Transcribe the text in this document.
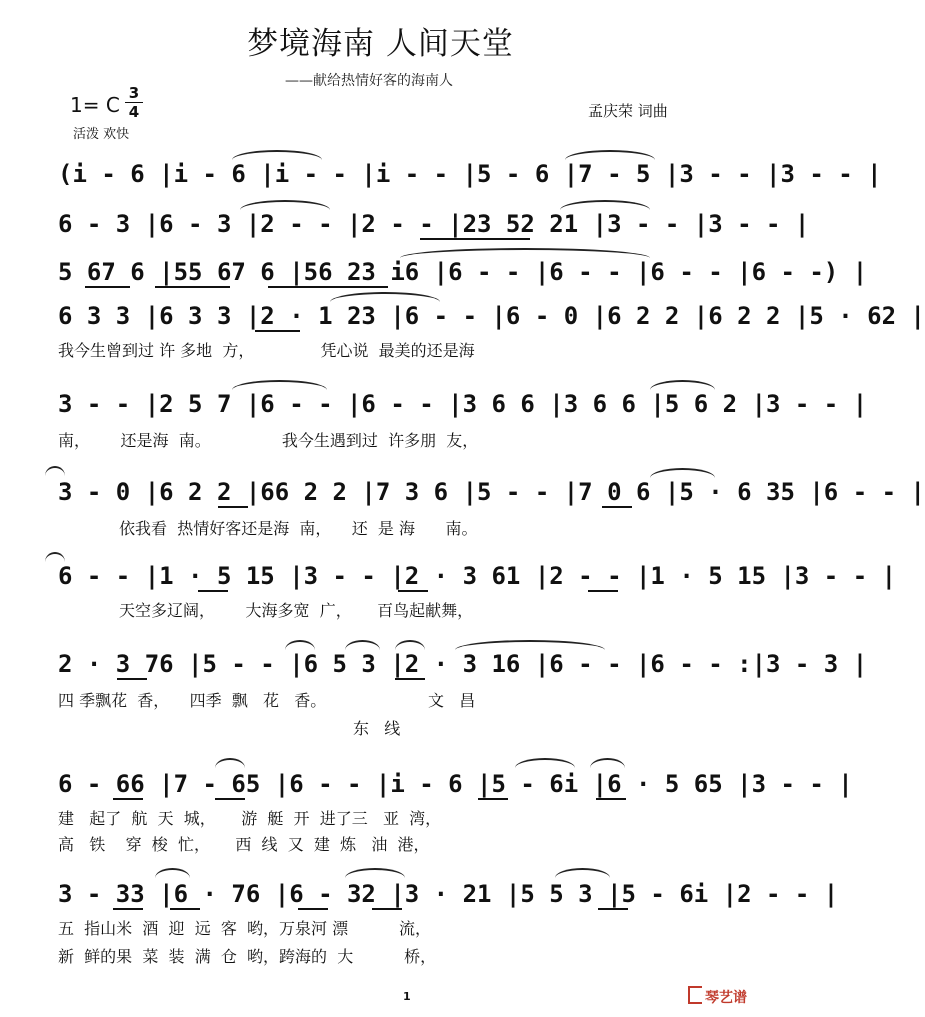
梦境海南 人间天堂
——献给热情好客的海南人
1= C 3
4
活泼 欢快
孟庆荣 词曲
(i - 6 |i - 6 |i - - |i - - |5 - 6 |7 - 5 |3 - - |3 - - |
6 - 3 |6 - 3 |2 - - |2 - - |23 52 21 |3 - - |3 - - |
5 67 6 |55 67 6 |56 23 i6 |6 - - |6 - - |6 - - |6 - -) |
6 3 3 |6 3 3 |2 · 1 23 |6 - - |6 - 0 |6 2 2 |6 2 2 |5 · 62 |
我今生曾到过 许 多地  方，             凭心说  最美的还是海
3 - - |2 5 7 |6 - - |6 - - |3 6 6 |3 6 6 |5 6 2 |3 - - |
南，      还是海  南。              我今生遇到过  许多朋  友，
3 - 0 |6 2 2 |66 2 2 |7 3 6 |5 - - |7 0 6 |5 · 6 35 |6 - - |
依我看  热情好客还是海  南，    还  是 海      南。
6 - - |1 · 5 15 |3 - - |2 · 3 61 |2 - - |1 · 5 15 |3 - - |
天空多辽阔，      大海多宽  广，     百鸟起献舞，
2 · 3 76 |5 - - |6 5 3 |2 · 3 16 |6 - - |6 - - :|3 - 3 |
四 季飘花  香，    四季  飘   花   香。                    文   昌
东   线
6 - 66 |7 - 65 |6 - - |i - 6 |5 - 6i |6 · 5 65 |3 - - |
建   起了  航  天  城，     游  艇  开  进了三   亚  湾，
高   铁    穿  梭  忙，     西  线  又  建  炼   油  港，
3 - 33 |6 · 76 |6 - 32 |3 · 21 |5 5 3 |5 - 6i |2 - - |
五  指山米  酒  迎  远  客  哟，万泉河 漂          流，
新  鲜的果  菜  装  满  仓  哟，跨海的  大          桥，
1	琴艺谱
